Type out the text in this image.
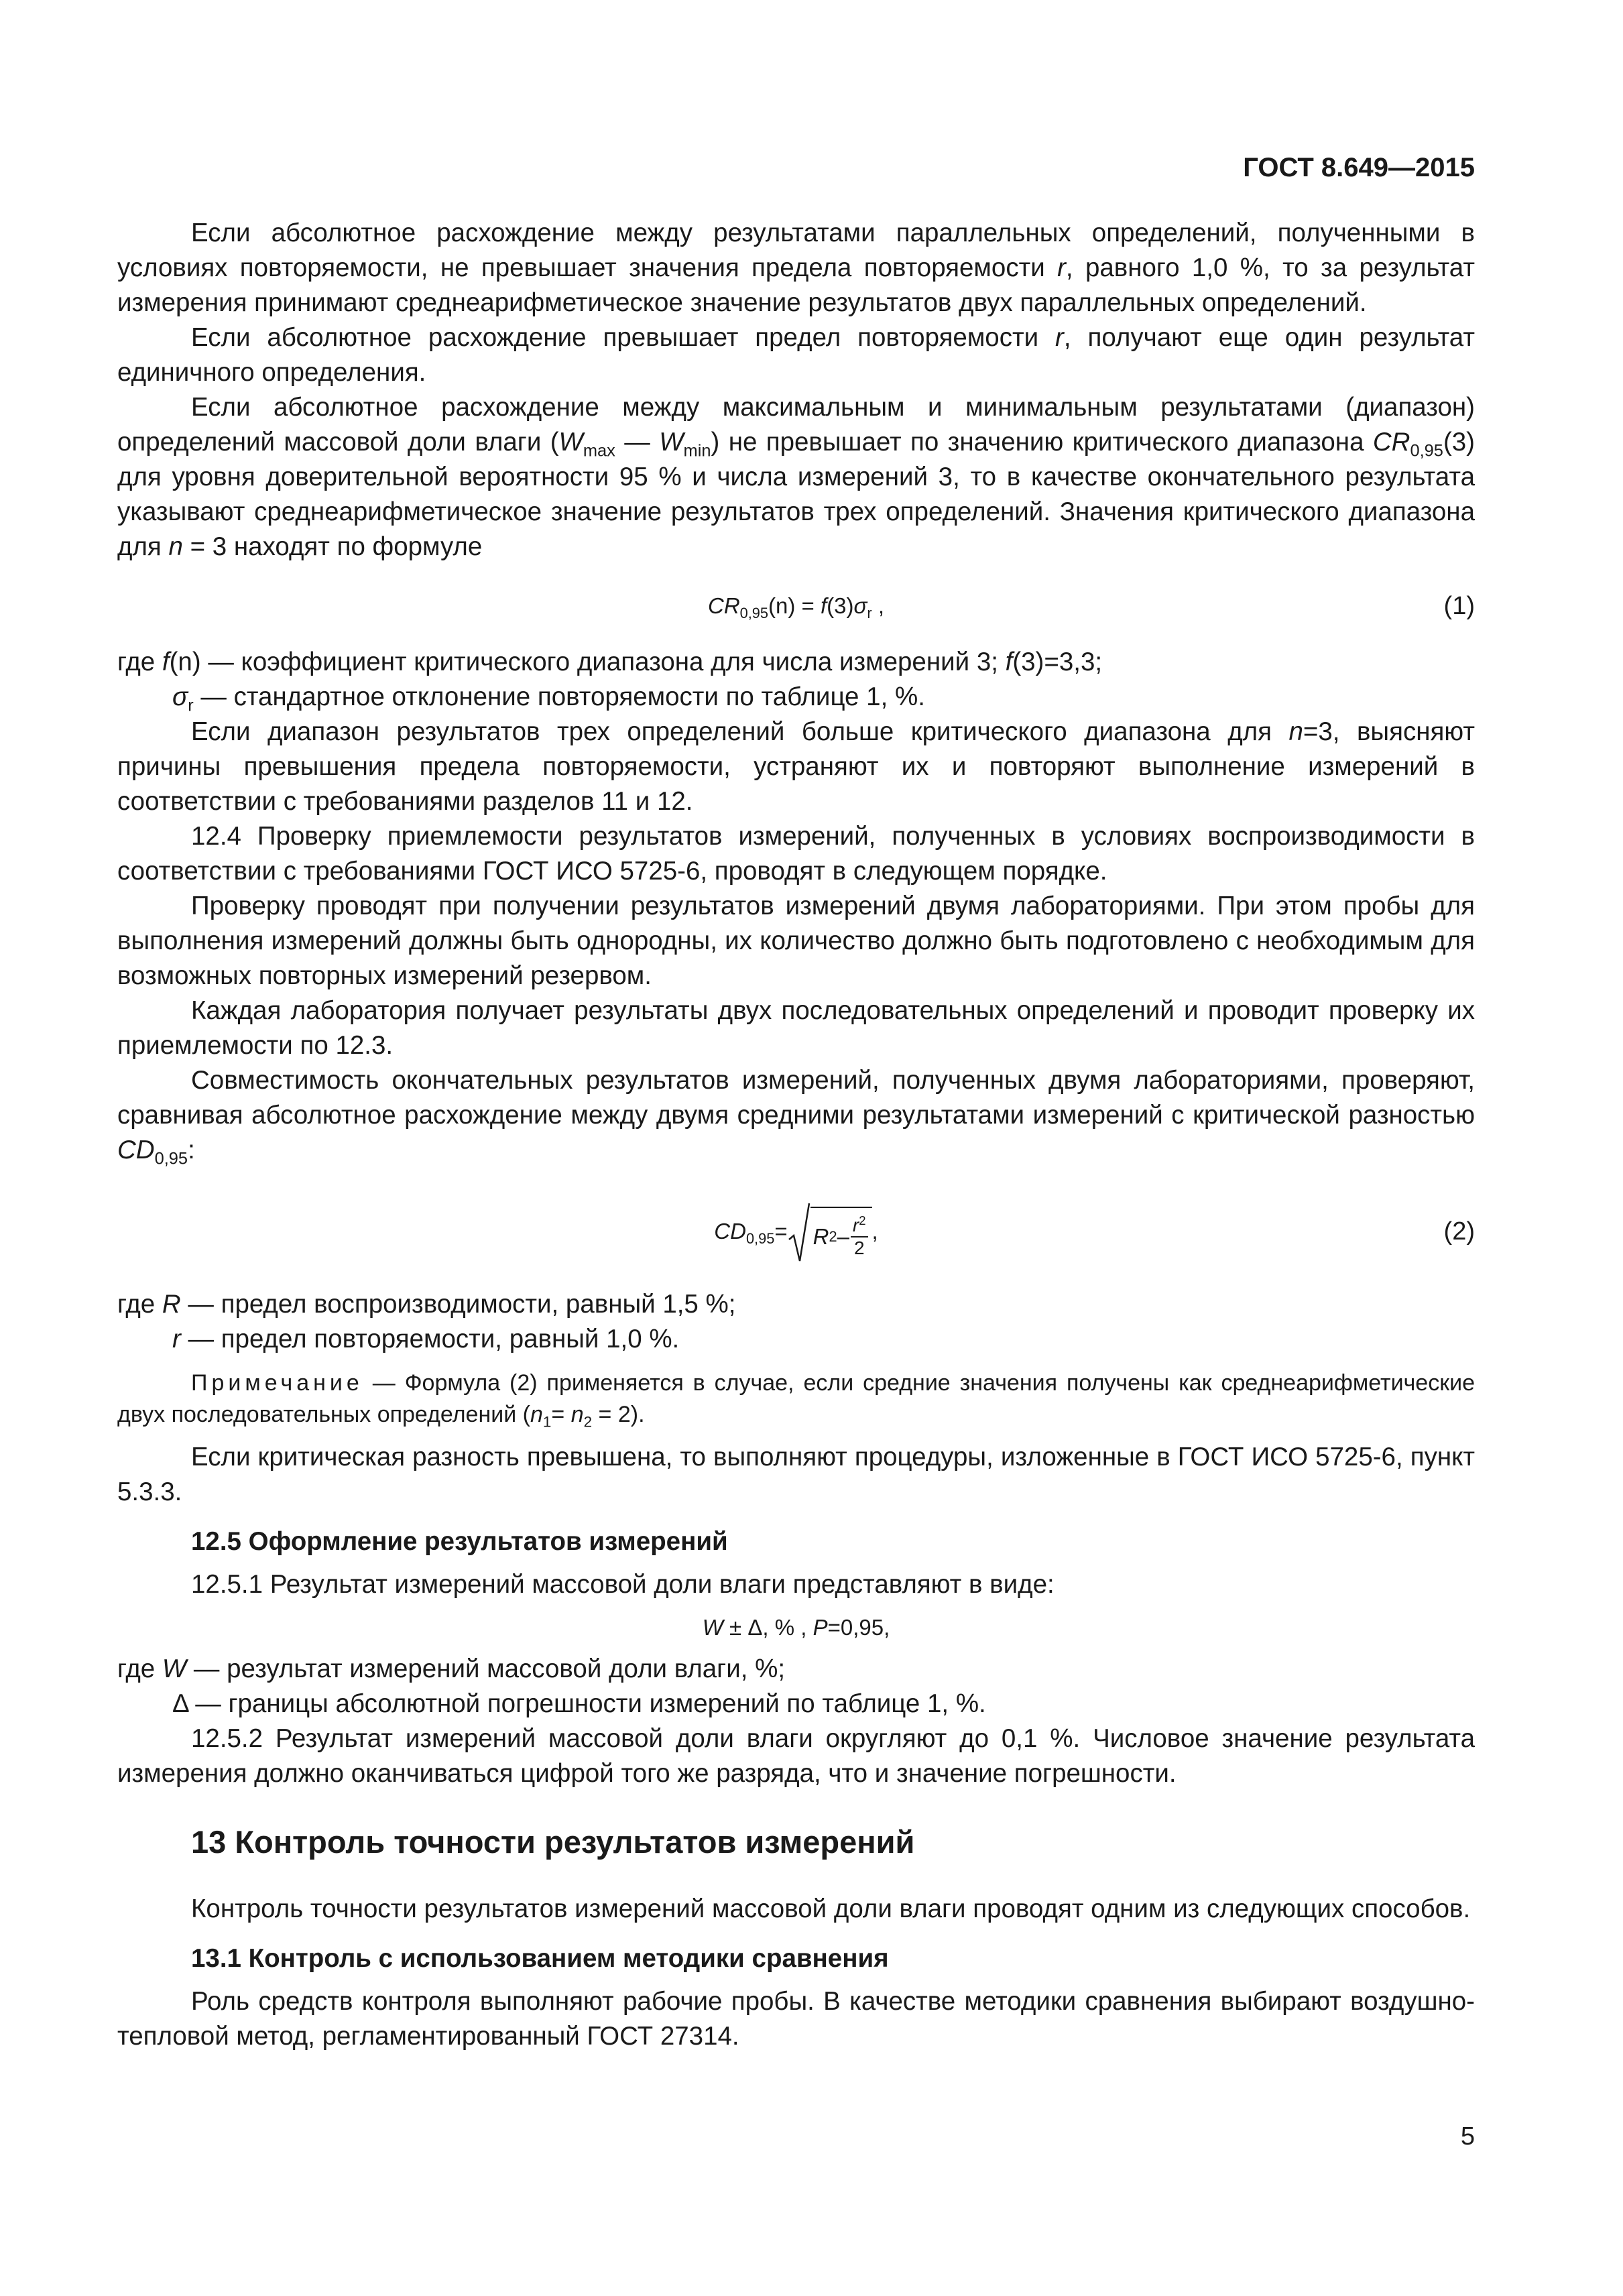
ГОСТ 8.649—2015

Если абсолютное расхождение между результатами параллельных определений, полученными в условиях повторяемости, не превышает значения предела повторяемости r, равного 1,0 %, то за результат измерения принимают среднеарифметическое значение результатов двух параллельных определений.

Если абсолютное расхождение превышает предел повторяемости r, получают еще один результат единичного определения.

Если абсолютное расхождение между максимальным и минимальным результатами (диапазон) определений массовой доли влаги ($W_{max}$ — $W_{min}$) не превышает по значению критического диапазона $CR_{0,95}(3)$ для уровня доверительной вероятности 95 % и числа измерений 3, то в качестве окончательного результата указывают среднеарифметическое значение результатов трех определений. Значения критического диапазона для n = 3 находят по формуле

$CR_{0,95}(n) = f(3)\sigma_r$ ,	(1)

где f(n) — коэффициент критического диапазона для числа измерений 3; f(3)=3,3;

$\sigma_r$ — стандартное отклонение повторяемости по таблице 1, %.

Если диапазон результатов трех определений больше критического диапазона для n=3, выясняют причины превышения предела повторяемости, устраняют их и повторяют выполнение измерений в соответствии с требованиями разделов 11 и 12.

12.4 Проверку приемлемости результатов измерений, полученных в условиях воспроизводимости в соответствии с требованиями ГОСТ ИСО 5725-6, проводят в следующем порядке.

Проверку проводят при получении результатов измерений двумя лабораториями. При этом пробы для выполнения измерений должны быть однородны, их количество должно быть подготовлено с необходимым для возможных повторных измерений резервом.

Каждая лаборатория получает результаты двух последовательных определений и проводит проверку их приемлемости по 12.3.

Совместимость окончательных результатов измерений, полученных двумя лабораториями, проверяют, сравнивая абсолютное расхождение между двумя средними результатами измерений с критической разностью $CD_{0,95}$:

$CD_{0,95}= R$ $2 - \frac{r^2}{2}$ ,	(2)

где R — предел воспроизводимости, равный 1,5 %;

r — предел повторяемости, равный 1,0 %.

Примечание — Формула (2) применяется в случае, если средние значения получены как среднеарифметические двух последовательных определений $(n_1= n_2 = 2)$.

Если критическая разность превышена, то выполняют процедуры, изложенные в ГОСТ ИСО 5725-6, пункт 5.3.3.

12.5 Оформление результатов измерений

12.5.1 Результат измерений массовой доли влаги представляют в виде:

W ± Δ, % , P=0,95,

где W — результат измерений массовой доли влаги, %;

Δ — границы абсолютной погрешности измерений по таблице 1, %.

12.5.2 Результат измерений массовой доли влаги округляют до 0,1 %. Числовое значение результата измерения должно оканчиваться цифрой того же разряда, что и значение погрешности.

13 Контроль точности результатов измерений

Контроль точности результатов измерений массовой доли влаги проводят одним из следующих способов.

13.1 Контроль с использованием методики сравнения

Роль средств контроля выполняют рабочие пробы. В качестве методики сравнения выбирают воздушно-тепловой метод, регламентированный ГОСТ 27314.

5
